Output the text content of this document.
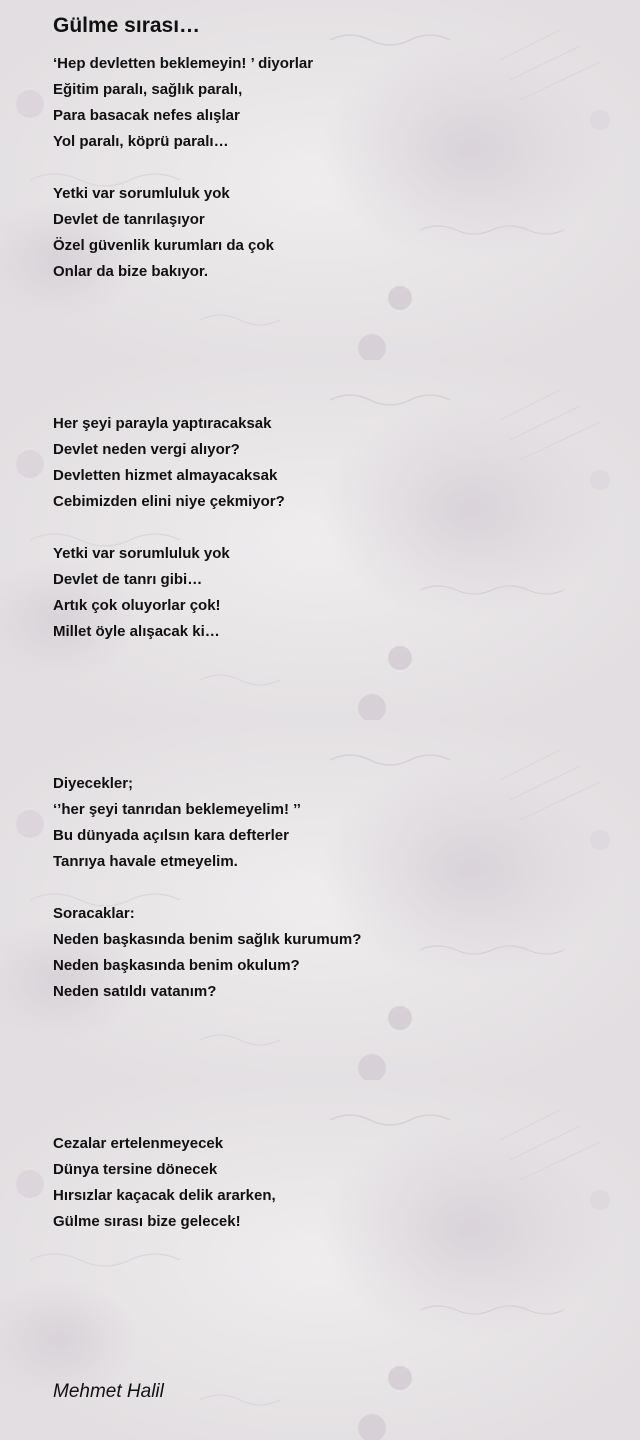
Gülme sırası…

‘Hep devletten beklemeyin! ’ diyorlar

Eğitim paralı, sağlık paralı,

Para basacak nefes alışlar

Yol paralı, köprü paralı…

Yetki var sorumluluk yok

Devlet de tanrılaşıyor

Özel güvenlik kurumları da çok

Onlar da bize bakıyor.

Her şeyi parayla yaptıracaksak

Devlet neden vergi alıyor?

Devletten hizmet almayacaksak

Cebimizden elini niye çekmiyor?

Yetki var sorumluluk yok

Devlet de tanrı gibi…

Artık çok oluyorlar çok!

Millet öyle alışacak ki…

Diyecekler;

‘’her şeyi tanrıdan beklemeyelim! ’’

Bu dünyada açılsın kara defterler

Tanrıya havale etmeyelim.

Soracaklar:

Neden başkasında benim sağlık kurumum?

Neden başkasında benim okulum?

Neden satıldı vatanım?

Cezalar ertelenmeyecek

Dünya tersine dönecek

Hırsızlar kaçacak delik ararken,

Gülme sırası bize gelecek!

Mehmet Halil
